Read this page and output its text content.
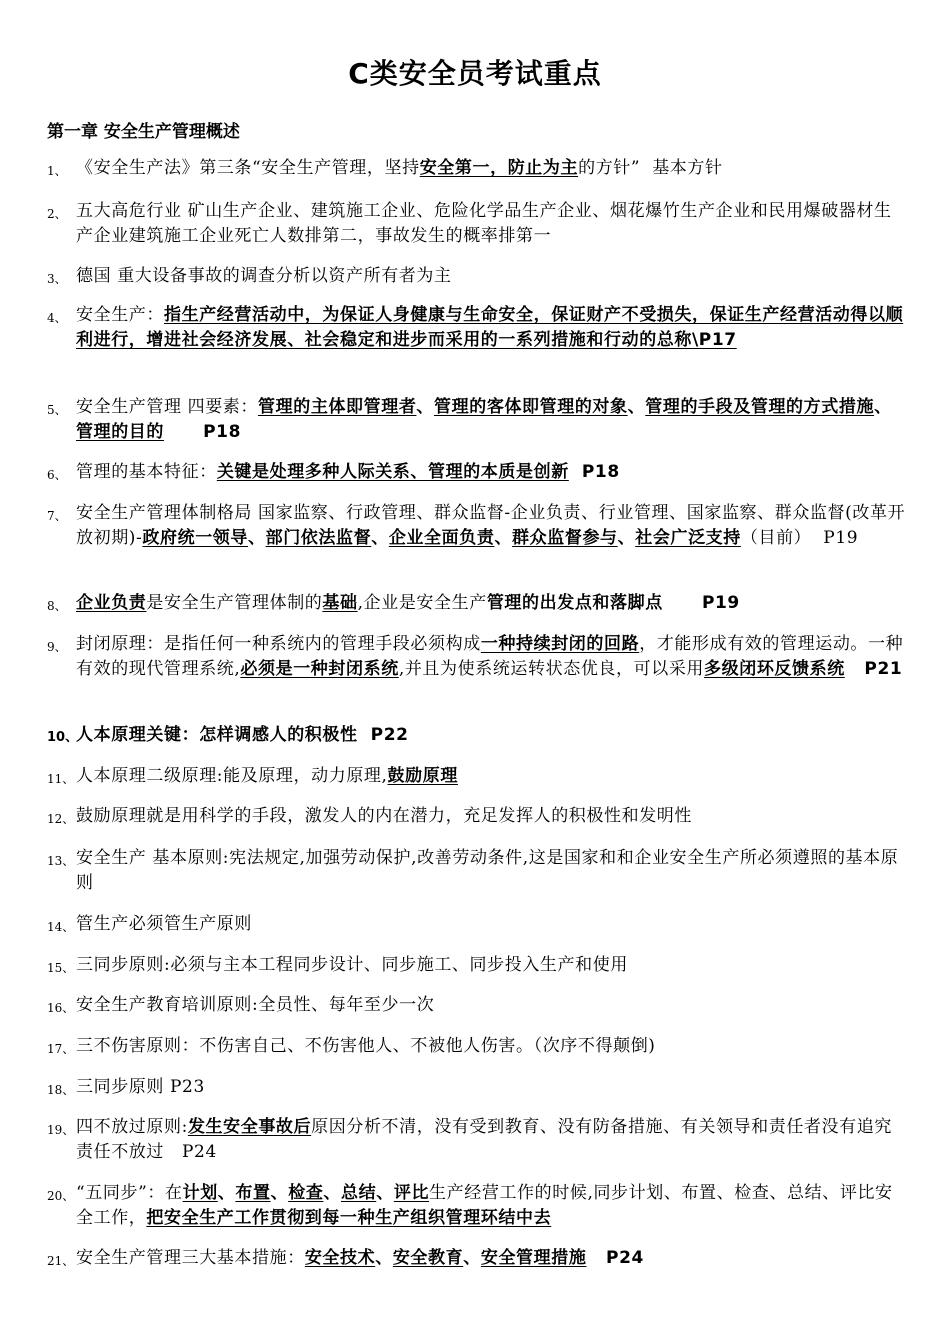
C类安全员考试重点
第一章 安全生产管理概述
1、 《安全生产法》第三条“安全生产管理，坚持安全第一，防止为主的方针”  基本方针
2、 五大高危行业 矿山生产企业、建筑施工企业、危险化学品生产企业、烟花爆竹生产企业和民用爆破器材生产企业建筑施工企业死亡人数排第二，事故发生的概率排第一
3、 德国 重大设备事故的调查分析以资产所有者为主
4、 安全生产：指生产经营活动中，为保证人身健康与生命安全，保证财产不受损失，保证生产经营活动得以顺利进行，增进社会经济发展、社会稳定和进步而采用的一系列措施和行动的总称\P17
5、 安全生产管理 四要素：管理的主体即管理者、管理的客体即管理的对象、管理的手段及管理的方式措施、管理的目的      P18
6、 管理的基本特征：关键是处理多种人际关系、管理的本质是创新  P18
7、 安全生产管理体制格局 国家监察、行政管理、群众监督-企业负责、行业管理、国家监察、群众监督(改革开放初期)-政府统一领导、部门依法监督、企业全面负责、群众监督参与、社会广泛支持（目前）  P19
8、 企业负责是安全生产管理体制的基础,企业是安全生产管理的出发点和落脚点      P19
9、 封闭原理：是指任何一种系统内的管理手段必须构成一种持续封闭的回路，才能形成有效的管理运动。一种有效的现代管理系统,必须是一种封闭系统,并且为使系统运转状态优良，可以采用多级闭环反馈系统   P21
10、
人本原理关键：怎样调感人的积极性  P22
11、 人本原理二级原理:能及原理，动力原理,鼓励原理
12、 鼓励原理就是用科学的手段，激发人的内在潜力，充足发挥人的积极性和发明性
13、 安全生产 基本原则:宪法规定,加强劳动保护,改善劳动条件,这是国家和和企业安全生产所必须遵照的基本原则
14、 管生产必须管生产原则
15、 三同步原则:必须与主本工程同步设计、同步施工、同步投入生产和使用
16、 安全生产教育培训原则:全员性、每年至少一次
17、 三不伤害原则：不伤害自己、不伤害他人、不被他人伤害。（次序不得颠倒)
18、 三同步原则 P23
19、 四不放过原则:发生安全事故后原因分析不清，没有受到教育、没有防备措施、有关领导和责任者没有追究责任不放过   P24
20、 “五同步”：在计划、布置、检查、总结、评比生产经营工作的时候,同步计划、布置、检查、总结、评比安全工作，把安全生产工作贯彻到每一种生产组织管理环结中去
21、 安全生产管理三大基本措施：安全技术、安全教育、安全管理措施   P24
